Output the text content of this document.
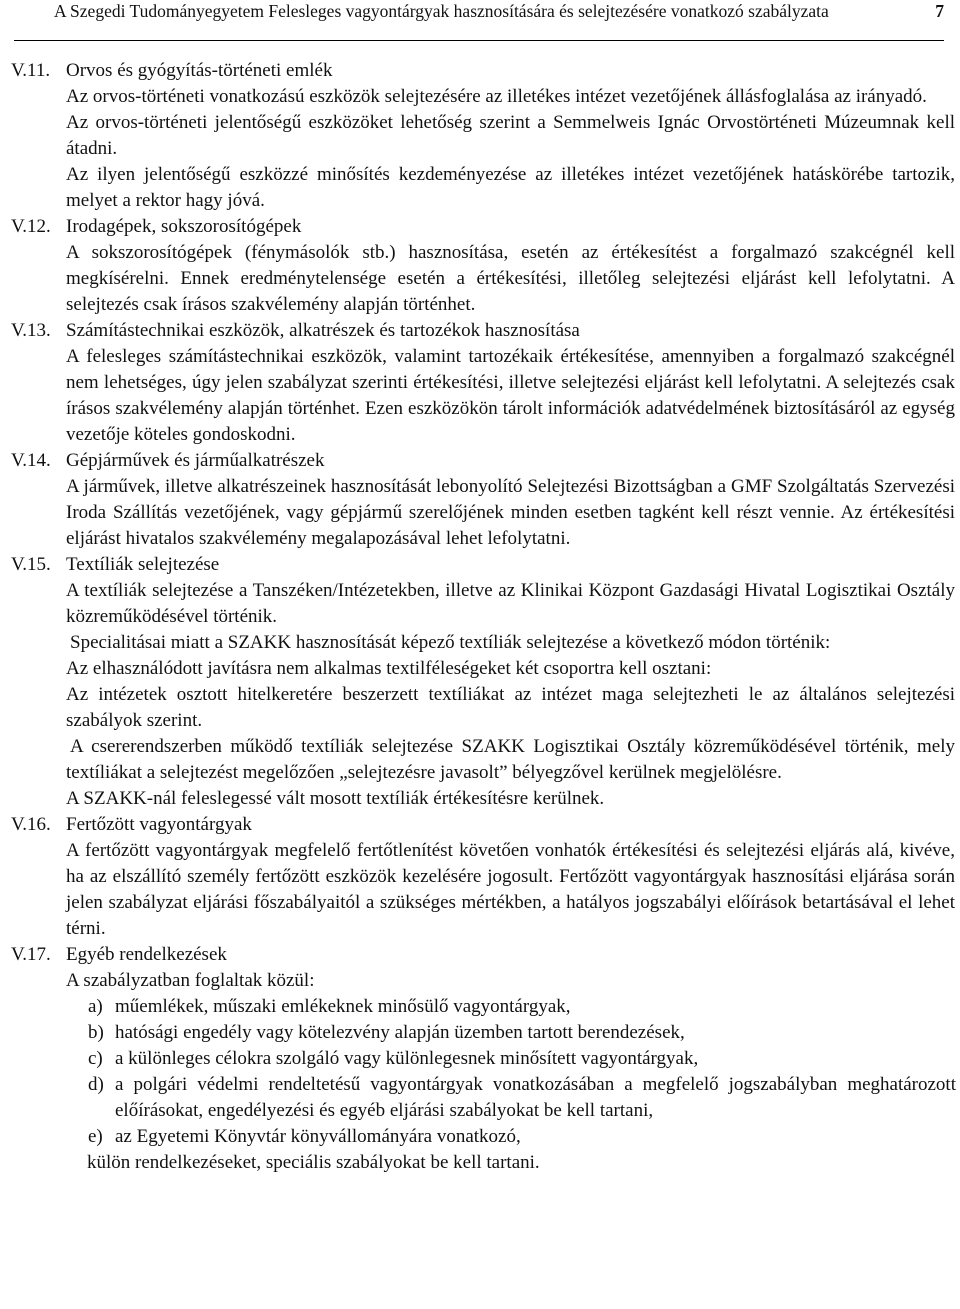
A Szegedi Tudományegyetem Felesleges vagyontárgyak hasznosítására és selejtezésére vonatkozó szabályzata	7
V.11. Orvos és gyógyítás-történeti emlék
Az orvos-történeti vonatkozású eszközök selejtezésére az illetékes intézet vezetőjének állásfoglalása az irányadó.
Az orvos-történeti jelentőségű eszközöket lehetőség szerint a Semmelweis Ignác Orvostörténeti Múzeumnak kell átadni.
Az ilyen jelentőségű eszközzé minősítés kezdeményezése az illetékes intézet vezetőjének hatáskörébe tartozik, melyet a rektor hagy jóvá.
V.12. Irodagépek, sokszorosítógépek
A sokszorosítógépek (fénymásolók stb.) hasznosítása, esetén az értékesítést a forgalmazó szakcégnél kell megkísérelni. Ennek eredménytelensége esetén a értékesítési, illetőleg selejtezési eljárást kell lefolytatni. A selejtezés csak írásos szakvélemény alapján történhet.
V.13. Számítástechnikai eszközök, alkatrészek és tartozékok hasznosítása
A felesleges számítástechnikai eszközök, valamint tartozékaik értékesítése, amennyiben a forgalmazó szakcégnél nem lehetséges, úgy jelen szabályzat szerinti értékesítési, illetve selejtezési eljárást kell lefolytatni. A selejtezés csak írásos szakvélemény alapján történhet. Ezen eszközökön tárolt információk adatvédelmének biztosításáról az egység vezetője köteles gondoskodni.
V.14. Gépjárművek és járműalkatrészek
A járművek, illetve alkatrészeinek hasznosítását lebonyolító Selejtezési Bizottságban a GMF Szolgáltatás Szervezési Iroda Szállítás vezetőjének, vagy gépjármű szerelőjének minden esetben tagként kell részt vennie. Az értékesítési eljárást hivatalos szakvélemény megalapozásával lehet lefolytatni.
V.15. Textíliák selejtezése
A textíliák selejtezése a Tanszéken/Intézetekben, illetve az Klinikai Központ Gazdasági Hivatal Logisztikai Osztály közreműködésével történik.
Specialitásai miatt a SZAKK hasznosítását képező textíliák selejtezése a következő módon történik:
Az elhasználódott javításra nem alkalmas textilféleségeket két csoportra kell osztani:
Az intézetek osztott hitelkeretére beszerzett textíliákat az intézet maga selejtezheti le az általános selejtezési szabályok szerint.
A csererendszerben működő textíliák selejtezése SZAKK Logisztikai Osztály közreműködésével történik, mely textíliákat a selejtezést megelőzően „selejtezésre javasolt” bélyegzővel kerülnek megjelölésre.
A SZAKK-nál feleslegessé vált mosott textíliák értékesítésre kerülnek.
V.16. Fertőzött vagyontárgyak
A fertőzött vagyontárgyak megfelelő fertőtlenítést követően vonhatók értékesítési és selejtezési eljárás alá, kivéve, ha az elszállító személy fertőzött eszközök kezelésére jogosult. Fertőzött vagyontárgyak hasznosítási eljárása során jelen szabályzat eljárási főszabályaitól a szükséges mértékben, a hatályos jogszabályi előírások betartásával el lehet térni.
V.17. Egyéb rendelkezések
A szabályzatban foglaltak közül:
a) műemlékek, műszaki emlékeknek minősülő vagyontárgyak,
b) hatósági engedély vagy kötelezvény alapján üzemben tartott berendezések,
c) a különleges célokra szolgáló vagy különlegesnek minősített vagyontárgyak,
d) a polgári védelmi rendeltetésű vagyontárgyak vonatkozásában a megfelelő jogszabályban meghatározott előírásokat, engedélyezési és egyéb eljárási szabályokat be kell tartani,
e) az Egyetemi Könyvtár könyvállományára vonatkozó,
külön rendelkezéseket, speciális szabályokat be kell tartani.
